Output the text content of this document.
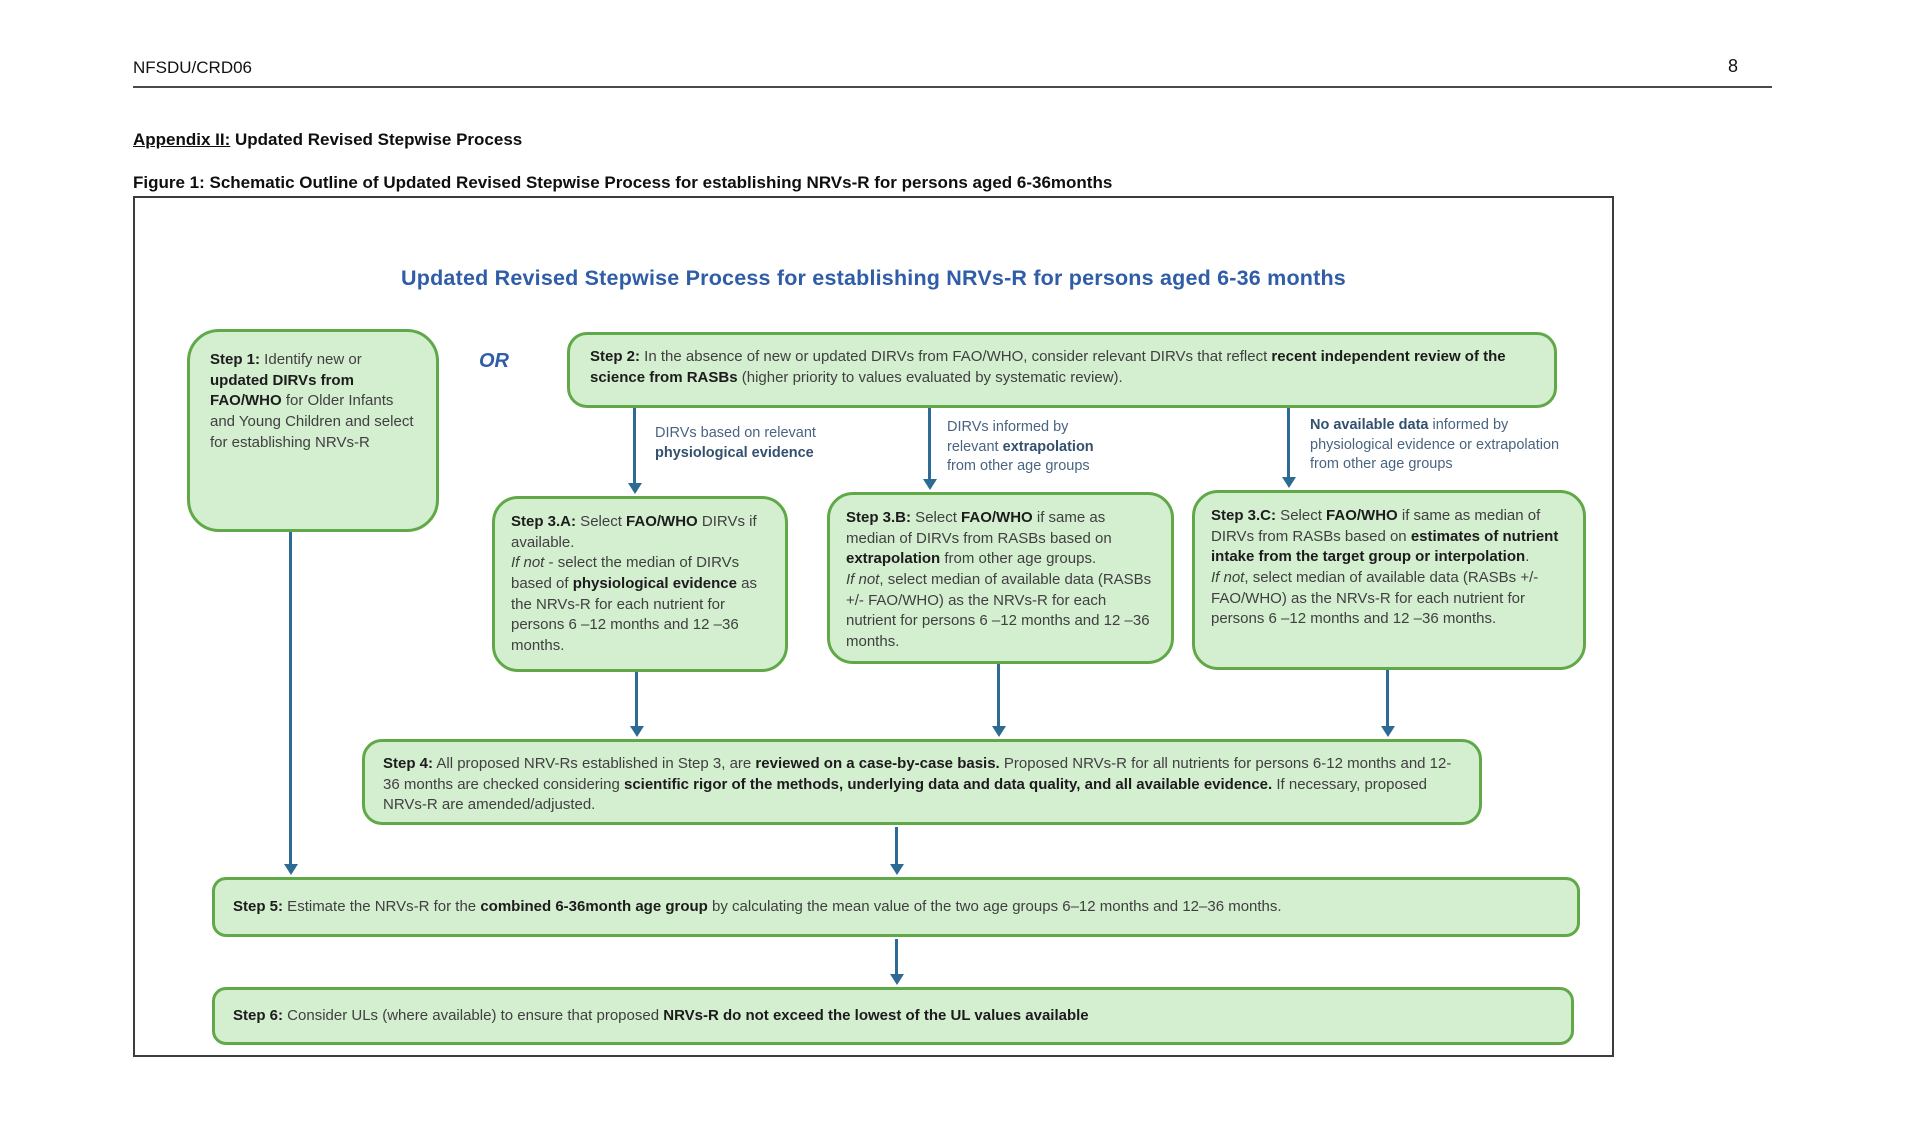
NFSDU/CRD06	8
Appendix II: Updated Revised Stepwise Process
Figure 1: Schematic Outline of Updated Revised Stepwise Process for establishing NRVs-R for persons aged 6-36months
Updated Revised Stepwise Process for establishing NRVs-R for persons aged 6-36 months
Step 1: Identify new or updated DIRVs from FAO/WHO for Older Infants and Young Children and select for establishing NRVs-R
OR	Step 2: In the absence of new or updated DIRVs from FAO/WHO, consider relevant DIRVs that reflect recent independent review of the science from RASBs (higher priority to values evaluated by systematic review).
DIRVs based on relevant physiological evidence
DIRVs informed by relevant extrapolation from other age groups
No available data informed by physiological evidence or extrapolation from other age groups
Step 3.A: Select FAO/WHO DIRVs if available.
If not - select the median of DIRVs based of physiological evidence as the NRVs-R for each nutrient for persons 6 –12 months and 12 –36 months.
Step 3.B: Select FAO/WHO if same as median of DIRVs from RASBs based on extrapolation from other age groups.
If not, select median of available data (RASBs +/- FAO/WHO) as the NRVs-R for each nutrient for persons 6 –12 months and 12 –36 months.
Step 3.C: Select FAO/WHO if same as median of DIRVs from RASBs based on estimates of nutrient intake from the target group or interpolation.
If not, select median of available data (RASBs +/- FAO/WHO) as the NRVs-R for each nutrient for persons 6 –12 months and 12 –36 months.
Step 4: All proposed NRV-Rs established in Step 3, are reviewed on a case-by-case basis. Proposed NRVs-R for all nutrients for persons 6-12 months and 12-36 months are checked considering scientific rigor of the methods, underlying data and data quality, and all available evidence. If necessary, proposed NRVs-R are amended/adjusted.
Step 5: Estimate the NRVs-R for the combined 6-36month age group by calculating the mean value of the two age groups 6–12 months and 12–36 months.
Step 6: Consider ULs (where available) to ensure that proposed NRVs-R do not exceed the lowest of the UL values available
